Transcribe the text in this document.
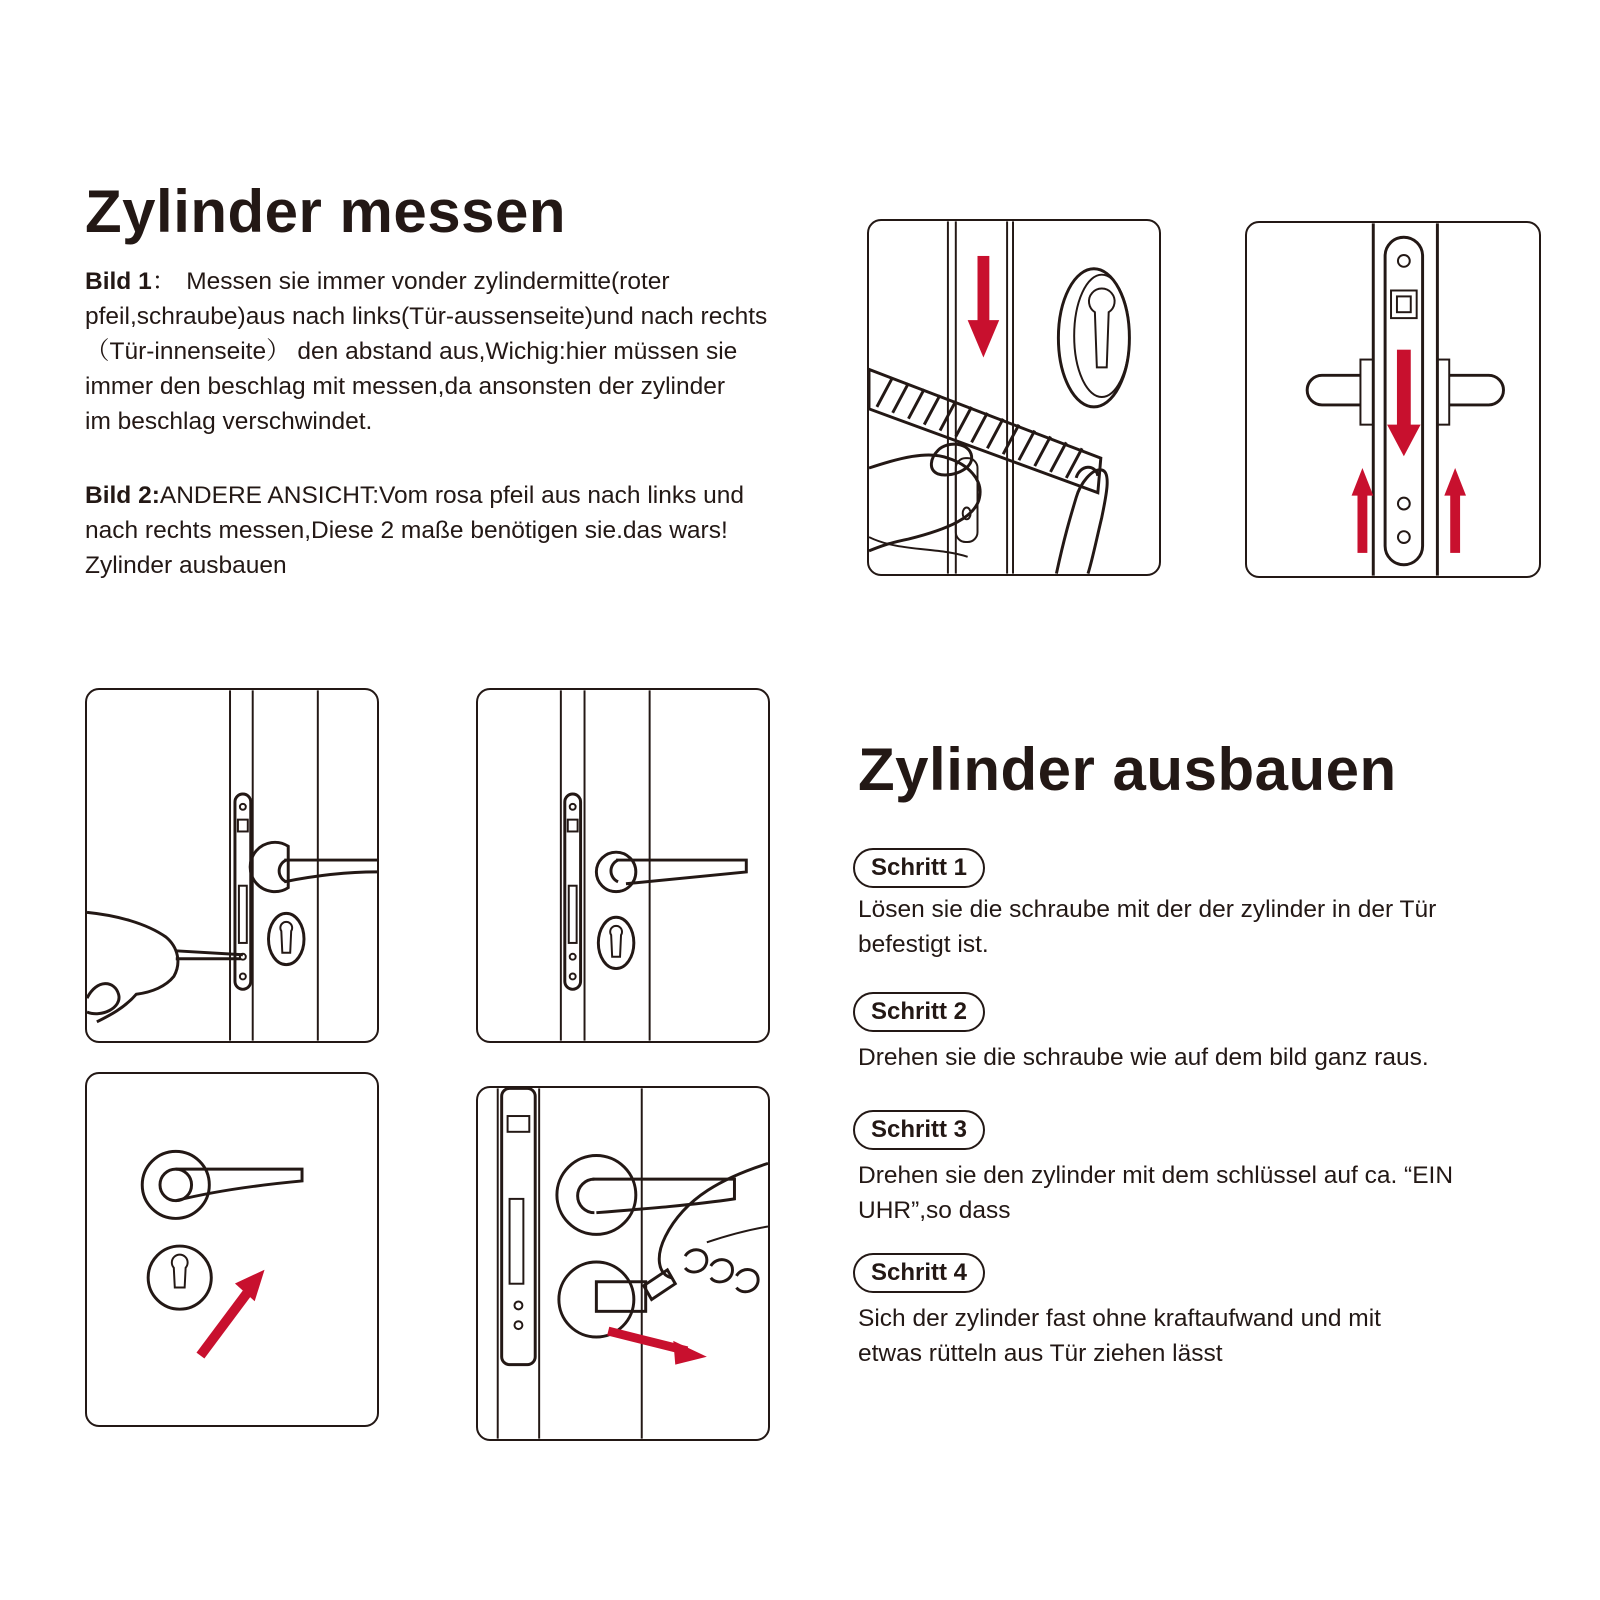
Zylinder messen

Bild 1： Messen sie immer vonder zylindermitte(roter
pfeil,schraube)aus nach links(Tür-aussenseite)und nach rechts
（Tür-innenseite） den abstand aus,Wichig:hier müssen sie
immer den beschlag mit messen,da ansonsten der zylinder
im beschlag verschwindet.

Bild 2:ANDERE ANSICHT:Vom rosa pfeil aus nach links und
nach rechts messen,Diese 2 maße benötigen sie.das wars!
Zylinder ausbauen

Zylinder ausbauen
Schritt 1

Lösen sie die schraube mit der der zylinder in der Tür
befestigt ist.

Schritt 2

Drehen sie die schraube wie auf dem bild ganz raus.

Schritt 3

Drehen sie den zylinder mit dem schlüssel auf ca. “EIN
UHR”,so dass

Schritt 4

Sich der zylinder fast ohne kraftaufwand und mit
etwas rütteln aus Tür ziehen lässt
